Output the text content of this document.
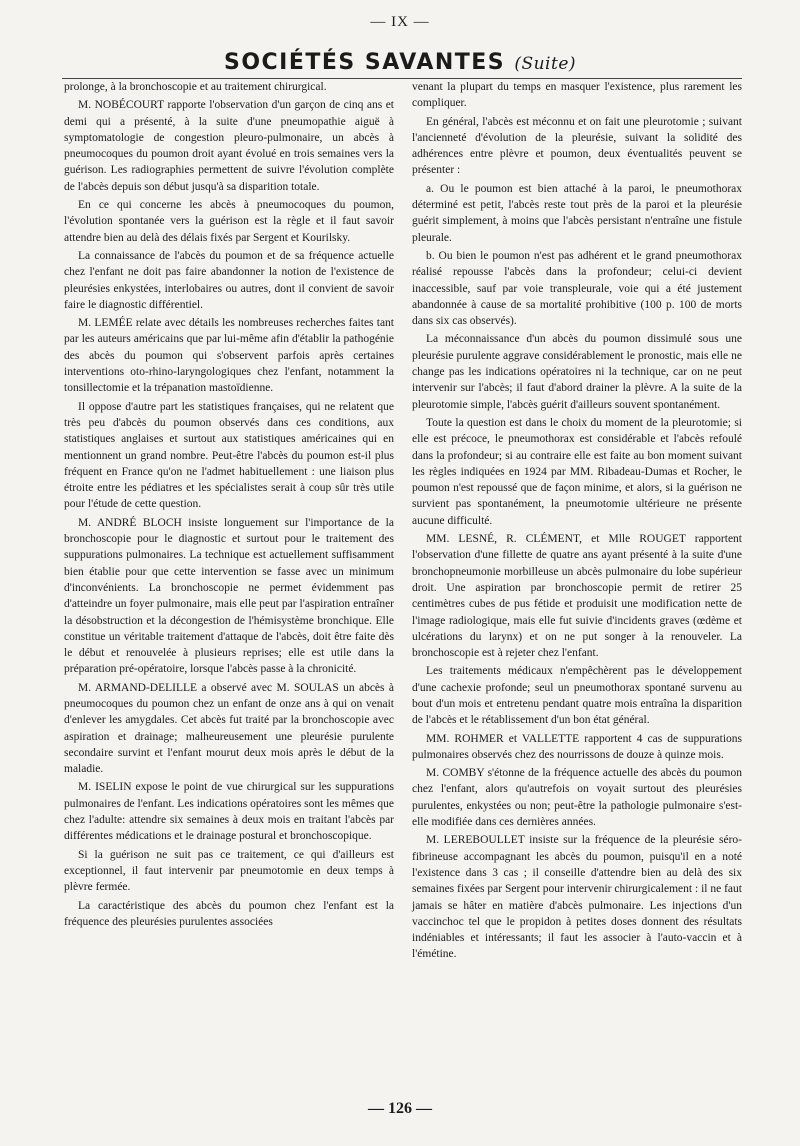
— IX —
SOCIÉTÉS SAVANTES (Suite)

prolonge, à la bronchoscopie et au traitement chirurgical.

M. NOBÉCOURT rapporte l'observation d'un garçon de cinq ans et demi qui a présenté, à la suite d'une pneumopathie aiguë à symptomatologie de congestion pleuro-pulmonaire, un abcès à pneumocoques du poumon droit ayant évolué en trois semaines vers la guérison. Les radiographies permettent de suivre l'évolution complète de l'abcès depuis son début jusqu'à sa disparition totale.

En ce qui concerne les abcès à pneumocoques du poumon, l'évolution spontanée vers la guérison est la règle et il faut savoir attendre bien au delà des délais fixés par Sergent et Kourilsky.

La connaissance de l'abcès du poumon et de sa fréquence actuelle chez l'enfant ne doit pas faire abandonner la notion de l'existence de pleurésies enkystées, interlobaires ou autres, dont il convient de savoir faire le diagnostic différentiel.

M. LEMÉE relate avec détails les nombreuses recherches faites tant par les auteurs américains que par lui-même afin d'établir la pathogénie des abcès du poumon qui s'observent parfois après certaines interventions oto-rhino-laryngologiques chez l'enfant, notamment la tonsillectomie et la trépanation mastoïdienne.

Il oppose d'autre part les statistiques françaises, qui ne relatent que très peu d'abcès du poumon observés dans ces conditions, aux statistiques anglaises et surtout aux statistiques américaines qui en mentionnent un grand nombre. Peut-être l'abcès du poumon est-il plus fréquent en France qu'on ne l'admet habituellement : une liaison plus étroite entre les pédiatres et les spécialistes serait à coup sûr très utile pour l'étude de cette question.

M. ANDRÉ BLOCH insiste longuement sur l'importance de la bronchoscopie pour le diagnostic et surtout pour le traitement des suppurations pulmonaires. La technique est actuellement suffisamment bien établie pour que cette intervention se fasse avec un minimum d'inconvénients. La bronchoscopie ne permet évidemment pas d'atteindre un foyer pulmonaire, mais elle peut par l'aspiration entraîner la désobstruction et la décongestion de l'hémisystème bronchique. Elle constitue un véritable traitement d'attaque de l'abcès, doit être faite dès le début et renouvelée à plusieurs reprises; elle est utile dans la préparation pré-opératoire, lorsque l'abcès passe à la chronicité.

M. ARMAND-DELILLE a observé avec M. SOULAS un abcès à pneumocoques du poumon chez un enfant de onze ans à qui on venait d'enlever les amygdales. Cet abcès fut traité par la bronchoscopie avec aspiration et drainage; malheureusement une pleurésie purulente secondaire survint et l'enfant mourut deux mois après le début de la maladie.

M. ISELIN expose le point de vue chirurgical sur les suppurations pulmonaires de l'enfant. Les indications opératoires sont les mêmes que chez l'adulte: attendre six semaines à deux mois en traitant l'abcès par différentes médications et le drainage postural et bronchoscopique.

Si la guérison ne suit pas ce traitement, ce qui d'ailleurs est exceptionnel, il faut intervenir par pneumotomie en deux temps à plèvre fermée.

La caractéristique des abcès du poumon chez l'enfant est la fréquence des pleurésies purulentes associées

venant la plupart du temps en masquer l'existence, plus rarement les compliquer.

En général, l'abcès est méconnu et on fait une pleurotomie ; suivant l'ancienneté d'évolution de la pleurésie, suivant la solidité des adhérences entre plèvre et poumon, deux éventualités peuvent se présenter :

a. Ou le poumon est bien attaché à la paroi, le pneumothorax déterminé est petit, l'abcès reste tout près de la paroi et la pleurésie guérit simplement, à moins que l'abcès persistant n'entraîne une fistule pleurale.

b. Ou bien le poumon n'est pas adhérent et le grand pneumothorax réalisé repousse l'abcès dans la profondeur; celui-ci devient inaccessible, sauf par voie transpleurale, voie qui a été justement abandonnée à cause de sa mortalité prohibitive (100 p. 100 de morts dans six cas observés).

La méconnaissance d'un abcès du poumon dissimulé sous une pleurésie purulente aggrave considérablement le pronostic, mais elle ne change pas les indications opératoires ni la technique, car on ne peut intervenir sur l'abcès; il faut d'abord drainer la plèvre. A la suite de la pleurotomie simple, l'abcès guérit d'ailleurs souvent spontanément.

Toute la question est dans le choix du moment de la pleurotomie; si elle est précoce, le pneumothorax est considérable et l'abcès refoulé dans la profondeur; si au contraire elle est faite au bon moment suivant les règles indiquées en 1924 par MM. Ribadeau-Dumas et Rocher, le poumon n'est repoussé que de façon minime, et alors, si la guérison ne survient pas spontanément, la pneumotomie ultérieure ne présente aucune difficulté.

MM. LESNÉ, R. CLÉMENT, et Mlle ROUGET rapportent l'observation d'une fillette de quatre ans ayant présenté à la suite d'une bronchopneumonie morbilleuse un abcès pulmonaire du lobe supérieur droit. Une aspiration par bronchoscopie permit de retirer 25 centimètres cubes de pus fétide et produisit une modification nette de l'image radiologique, mais elle fut suivie d'incidents graves (œdème et ulcérations du larynx) et on ne put songer à la renouveler. La bronchoscopie est à rejeter chez l'enfant.

Les traitements médicaux n'empêchèrent pas le développement d'une cachexie profonde; seul un pneumothorax spontané survenu au bout d'un mois et entretenu pendant quatre mois entraîna la disparition de l'abcès et le rétablissement d'un bon état général.

MM. ROHMER et VALLETTE rapportent 4 cas de suppurations pulmonaires observés chez des nourrissons de douze à quinze mois.

M. COMBY s'étonne de la fréquence actuelle des abcès du poumon chez l'enfant, alors qu'autrefois on voyait surtout des pleurésies purulentes, enkystées ou non; peut-être la pathologie pulmonaire s'est-elle modifiée dans ces dernières années.

M. LEREBOULLET insiste sur la fréquence de la pleurésie séro-fibrineuse accompagnant les abcès du poumon, puisqu'il en a noté l'existence dans 3 cas ; il conseille d'attendre bien au delà des six semaines fixées par Sergent pour intervenir chirurgicalement : il ne faut jamais se hâter en matière d'abcès pulmonaire. Les injections d'un vaccinchoc tel que le propidon à petites doses donnent des résultats indéniables et intéressants; il faut les associer à l'auto-vaccin et à l'émétine.

— 126 —
